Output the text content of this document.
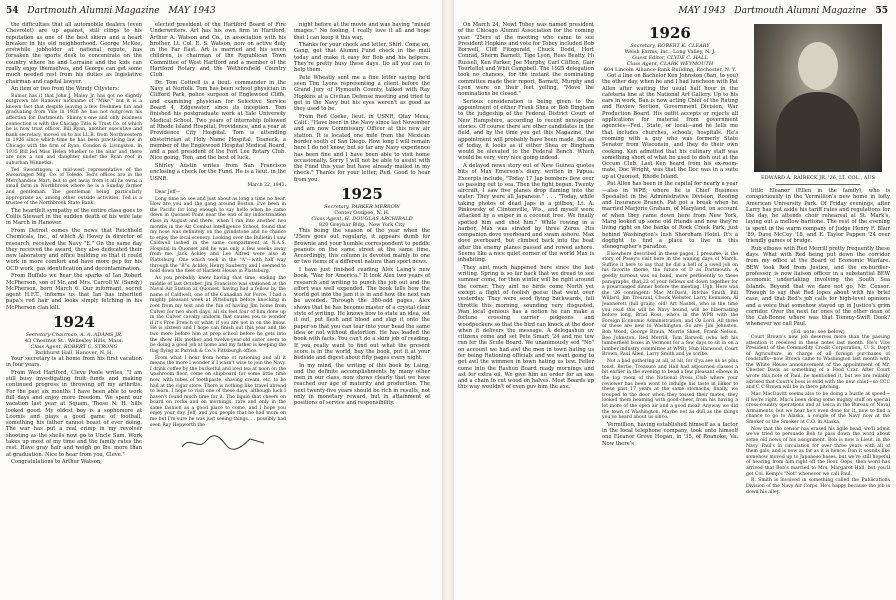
54 Dartmouth Alumni Magazine MAY 1943

the difficulties that all automobile dealers (even Chevrolet) are up against, still clings to his reputation as one of the best skiers and a heart breaker in his old neighborhood. George McKee, erstwhile jobholder at national repute, has forsaken the sports desk to concentrate on the country where he and Lorraine and the kids can really enjoy themselves, and George can get some much needed rest from his duties as legislative chairman and capital lawyer.

An item or two from the Windy Citysters:

Rumor has it that John J. Maley Jr. has got no slightly outgrown his Hanover nickname of "Mike," but it is a known fact that despite leaving a few freshmen fun and graduating from Yale in 1926 he has not outgrown his affection for Dartmouth. Skinny's one and only business connection is with the Chicago Title & Trust Co. of which he is now trust officer. Bill Ryan, another executive and bank secretary, moved on to his LL.B. from Northwestern in 1926 since which time he has been practicing law in Chicago with the firm of Ryan, Condon & Livingston. In 1935 Bill led Miss Helen Mueller to the altar and there are now a son and daughter under the Ryan roof in suburban Winnetka.

Ted Swearingen, a mid-west representative of the Swearingen Mfg. Co. of Toledo. Ted's offices are in the Merchandise Mart, but to get away from it all he owns a small farm in Northbrook where he is a Sunday farmer and gentleman. The gentleman being particularly appropriate as, among other outside activities, Ted is a trustee of the Northbrook State Bank.

The heartfelt sympathy of the entire class goes to Collis Stewart in the sudden death of his wife late in March in Hanover.

From Detroit comes the news that Reichhold Chemicals, Inc., of which Al Hovey is director of research, received the Navy "E." On the same day they received the award, they also dedicated their new laboratory and office building so that it could work in more comfort and have more pep for his OCD work, gas identification and decontamination.

From Buffalo we hear the sparks of Ian Robert McPherson, son of Mr. and Mrs. Carroll W. (Sandy) McPherson, born March 6. Our informant, secret agent H.F.T., informs us that Ian has inherited papa's red hair and looks simply fetching in his McPherson clan kilt.

1924

Secretary-Chairman, A. A. ADAMS JR.

43 Chestnut St., Wellesley Hills, Mass.

Class Agent, ROBERT C. STRONG

Parkhurst Hall, Hanover, N. H.

Your secretary is at home from his first vacation in four years.

From West Hartford, Cleve Poole writes, "I am still busy investigating fruit funds and making continued progress in throwing off my arthritis. For the past six months I have been able to work full days and enjoy more freedom. We spent our vacation last year at Squam. Those N. H. hills looked good. My oldest boy is a sophomore at Loomis and plays a good game of football, something his father cannot boast of ever doing. The war has put a real crimp in my revolver shooting as the shells now go to Uncle Sam. Work takes up most of my time and the family rates the rest. Have gray hair and weigh go lbs. more than at graduation. Nice to hear from you, Cleve."

Congratulations to Arthur Watson,

elected president of the Hartford Board of Fire Underwriters. Art has his own firm in Hartford, Arthur A. Watson and Co., in association with his brother, Lt. Col. E. S. Watson, now on active duty in the Far East. Art is married and his seven children, is chairman of the Republican Town Committee of West Hartford and a member of the Hartford Rotary and the Wethersfield Country Club.

Dr. Tom Cottrell is a lieut. commander in the Navy at Norfolk. Tom has been school physician in Clifford Park, police surgeon of Englewood Cliffs, and examining physician for Selective Service Board 4, Edgewater, since its inception. Tom finished his postgraduate work at Yale University Medical School. Two years of internship followed at Rhode Island Hospital, Providence, and a year at Providence City Hospital. Tom is attending obstetrician at Holy Name Hospital, Teaneck, a member of the Englewood Hospital Medical Board, and a past president of the Fort Lee Rotary Club. Nice going, Tom, and the best of luck.

Shirley Austin writes from San Francisco enclosing a check for the Fund. He is a lieut. in the USNR.

March 22, 1943.

Dear Jeff—

Long time no see and just about as long a time no hear. How are you and the gang around Boston. I've been in the Pacific for long enough to say hello when he came down in Quonset Point near the end of my indoctrination class in August and there, when I ran into another two months in the Air Combat Intelligence School, found that my nose was definitely on the grindstone and no chance to enjoy the local scenery. Looking over the Bulletin I saw Caldwell lashed in the same compartment at N.A.S. Hospital in Quonset and he was only a few weeks away from me. Jack Ackley and Lee Alfred were also in Plattsburg. One which took in the "A"—with half way through the "B"s. Ackley, Henry Sauberry and I seemed to hold down the fleet of Harnett House in Plattsburg.

As you probably know having that time, ending the middle of last October, Jim Francisco was stationed at the Naval Air Station at Quonset, having had a fellow by the name of Caldwell, one of the Canadian Air Force. I had a mighty pleasant week at Pittsburgh before knocking in root from my test and the fun of having Jim home from Culver for two short days, all six feet four of him done up in the Culver cavalry uniform that causes you to wonder if it's Free French or what, if you are not in on the know. He is sixteen and I hope can finish out this year and the two more before him at prep school before he gets into the show. His mother and twelve-year-old sister seem to be doing a good job at home and my father is keeping the flag flying at Parrish & Co.'s Pittsburgh office.

From what I hear from home of rationing and all it means the more I wonder if I wasn't wise to join the Navy. I drink coffee by the bucketful and iced tea at noon on the washroom floor, come on shipboard for some little time now, with tubes of toothpaste, shaving cream, etc. to be had at the cigar store. There is nothing like travel abroad to learn. I hope to visit one of these days, although luck I haven't found much time for it. The liquid that cheers on board on rocks and on mornings, rare and only in the same fashion as a good place to come, and I hope you enjoy your day, Jeff, and you people that be had more on me but I'm sure he was just seeing things. . . possibly had seen Ray Hepworth the

night before at the movie and was having "mixed images." No fooling, I really love it all and hope that I can keep it this way.

Thanks for your check and letter, Shirl. Come on, Gang, get that Alumni Fund check in the mail today and make it easy for Bob and his helpers. They're pretty busy these days. Do all you can to help them.

Pete Wheatly sent me a fine letter saying he'd seen Tim Lyons representing a client before the Grand Jury of Plymouth County, talked with Ray Hopkins at a Civilian Defense meeting and tried to get in the Navy but his eyes weren't as good as they used to be.

From Red Coeke, lieut. in USNR, Otay Mesa, Calif.: "Have been in the Navy since last November and am now Commissary Officer at this new air station. It is located one mile from the Mexican border south of San Diego. How long I will remain here I do not know, but so far any Navy experience has been fine and I have been able to visit home occasionally. Sorry I will not be able to assist with the Fund this year but have already mailed in my check." Thanks for your letter, Red. Good to hear from you.

1925

Secretary, PARKER MERROW

Center Ossipee, N. H.

Class Agent, H. DOUGLAS ARCHIBALD

820 Greybar Bldg., New York City

This being the season of the year when the '25ers goes out regularly, it appears dumb for Brownie and your humble correspondent to peddle peanuts on the same street at the same time. Accordingly, this column is devoted mainly to one or two items of a different nature than sport news.

I have just finished reading Alex Laing's new book, "War for America." It took Alex two years of research and writing to punch the job out and the effort was well expended. The book tells how the world got into the jam it is in and how the next can be avoided. Through the 380-odd pages, Alex shows that he has become master of a crystal clear style of writing. He knows how to state an idea, set it out, put flesh and blood and slap it onto the paper so that you can tear into your head the same idea or not without distortion. He has loaded the book with facts. You can't do a skim job of reading. If you really want to find out what the present score is in the world, buy the book, put it at your bedside and digest about fifty pages every night.

In my mind, the writing of this book by Laing, and the definite accomplishments by many other men in our class, now shows clearly that we have reached our age of maturity and production. The next twenty-five years should be rich in results, not only in monetary reward, but in attainment of positions of service and responsibility.

MAY 1943 Dartmouth Alumni Magazine 55

On March 24, Newt Tobey was named president of the Chicago Alumni Association for the coming year. '25ers at the meeting who came to see President Hopkins and vote for Tobey included Bob Borwell, Cliff Fitzgerald, Chuck Dodd, Hort Conrad, Sherm Barnett, Tige Lyon, Ross Beatty, Hi Russell, Ken Parker, Joe Murphy, Carl Clifton, Gair Tourtellot and Whit Campbell. The 1925 delegation took no chances, for the instant the nominating committee made their report, Barnett, Murphy and Lyon were on their feet yelling, "Move the nominations be closed."

Serious consideration is being given to the appointment of either Frank Shea or Bob Bingham to the judgeship of the Federal District Court of New Hampshire, according to recent newspaper stories. Of course there are other candidates in the field, and by the time you get this Magazine, the appointment will probably have been made. But as of today, it looks as if either Shea or Bingham would be elevated to the Federal Bench. Which would be very, very nice going indeed.

A delayed news story out of New Guinea quotes bits of Max Emerson's diary, written in Papua. Excerpts include, "Today 17 Jap bombers flew over us passing out to sea. Then the fight began. Twenty aircraft, I saw five planes drop flaming into the water. They were all Japanese." . . . "Today, while taking photos of dead Japs in a pillbox, Lt. A. Pinkowsky of Clintonville, Wis., and myself were attacked by a sniper in a coconut tree. We finally spotted him and shot him." While rowing in a harbor, Max was strafed by three Zeros. His companion dove overboard and swam ashore. Max dove overboard, but climbed back into the boat after the enemy planes passed and rowed ashore. Seems like a nice quiet corner of the world Max is inhabiting.

They aint much happened here since the last writing. Spring is so far back that we dread to see summer come, for then winter will be right around the corner. They aint no birds come North yet except a flight of foolish geese that went over yesterday. They were seed flying backwards, full throttle this morning, sounding very disgusted. Wan local genious has a notion he can make a fortune crossing carrier pidgeons and woodpeckers so that the bird can knock at the door when it delivers the message. A delegashun uv citizens come and set Pete Smart '24 and me tew run fer the Scule Board. We unanimously sed "No" on account we had awl the men in town hating us fer being Rationing officials and we want going to get awl the wimmen in town hating us tew. Feller come into the Rashun Board ready mornings and ast fer extra oil. We give him an order for an axe and a chain to cut wood on halves. Most Boards up this way wouldn't of even guv him the axe.

1926

Secretary, ROBERT K. CLEARY

Welsh Farms, Inc., Long Valley, N. J.

Guest Editor, CLYDE C. HALL

Class Agent, CLARK WEYMOUTH

604 Lincoln Alliance Bank Building, Rochester, N. Y.

Got a line on Bachelor Ken Johnston (Ban, to you) the other day, when he and I had luncheon with Pat Allen after waiting the usual half hour in the cafeteria line at the National Art Gallery. Up to his ears in work, Ban is now acting Chief of the Rating and Review Section, Government Division, War Production Board. His outfit accepts or rejects all applications for material from government agencies—Fed., State, or local—and he tells me that includes churches, schools, hospitals. He's rooming with a guy who was formerly State Senator from Wisconsin, and they do their own cooking. Ken admitted that his culinary staff was something short of what he used to dish out at the Occum Club. Last Ken heard from his ex-room-mate, Doc Wright, was that the Doc was in a suite up at Quonset, Rhode Island.

Pat Allen has been in the capital for nearly a year—also in WPB, where he is Chief Business Specialist in the Administrative Division, Roofing and Insurance Branch. Pat got a break when he married Marjorie Graham, of Maryland, on account of when they came down here from New York, Marg looked up some old friends and now they're living right on the banks of Rock Creek Park, just behind Washington's lush Shoreham Hotel. It's a dogfight to find a place to live in this stenographer's paradise.

Elsewhere described in these pages, I presume, is the story of Posey's visit here in the waning days of March. Suffice it here to say that he did a hell of a swell job on his favorite theme, the future of D as Dartmouth. A goodly turnout was on hand, more pertinently to these paragraphs, that 22 of your fellows sat down together for a prearranged dinner before the meeting. Ugh, Here was the '26 contingent: Mac McDavit, Ritchie Smith, Bill Willard, Jim Treuraul, Chuck Webster, Larry Kennison, Al Jeannerett (full grain), old! Art Nashel, who in the time you read this will be Navy bound, will be hibernating before long, Brad Ross, who's in the WPB with the Foreign Economic Administration, and Oz Lord. All three of these are new to Washington. So are: Jim Johnston, Bob Wood, George Braun, Morrie Skeet, Frank Nelson, Bee Johnston, Red Merrill, Tom Barwell (who left his lumberfield boxes in Vermont for a few days to sit in on a lumber industry committee at WPB), Hub Harwood, Court Brown, Paul Allen, Larry Smith and ye scribe.

Not a bad gathering at all, at all, for d'ya see us as plus tonst. Bertie, Treasure and Hall had adjourned classes a bit earlier in the evening to bend a few pleasant elbows in the top room of the National Press Club where your reviewer has been wont to indulge his taste in likker to these past 17 years at the same stomachs, finally, we trooped to the door when they tossed their mates, they looked them beaming with good-cheer, from his having a lot more of the open air and a good meal! Anyway we did the town of Washington. Maybe not as dull as the things you've heard about us since.

Vermillion, having established himself as a factor in the local telephone company, took unto himself one Eleanor Grove Hogan, in '35, of Roanoke, Va. Now there's

EDWARD A. RAIBECK JR. '26, LT. COL., AUS

little Eleanor (Ellen in the family), who is conspicuously in the Vermillion's new home in lofty American University Park. Of Friday evenings, after Larry has put aside his tariff rates and regulations for the day, he attends choir rehearsal at St. Mark's, laying out a mellow baritone. The rest of the evening is spent in the warm company of Judge Henry F. Blair '89, Dave McCoy '18, and E. Taylor Pappen '24 over friendly games of bridge.

Rub elbows with Red Merrill pretty frequently these days. What with Red being put down the corridor from my office at the Board of Economic Warfare. BEW took Red from Justice, and the ex-hurdler-professor, is now liaison officer in a substantial BEW economic undertaking involving the South Sea Islands. Beyond that we dare not go, Mr. Censor. Enough to say that Red lopes about with his brief case, and that Red's job calls for high-level opinions and a voice that somehow stayed up in Justice's grim corridor. Over the next far ones of the other dean of the Cat-Bonne where was that Tommy-Swift Dook? whenever we call Paul.

(Ed. note: see below)

Court Brown's new job deserves more than the passing attention it received in these notes last month. He's Vice President of the Commodity Credit Corporation, U. S. Dep't of Agriculture, in charge of all foreign purchases of foodstuffs—now Brown came to Washington last month with the White House announcement of the appointment of Mr. Chester Davis as something of a Food Czar. After Court wrote this note of Paul, he mentioned it, but we are reliably advised that Court's boss is solid with the new chief—so CCC and C C Brown will be in there pitching.

Mac MacDavitt seems also to be doing a bustle at speed—if we're right. Mac's been doing some mighty stuff on special cross-country operations and at Leica in the Bureau of Naval Armaments, but we hear he's even done for it, now to find a chance to go to Alaska, a couple of the Navy now at the Smoker or the Smoker at C.O. in Alaska.

Now that the censor has erased his agile head, we'll admit we've tried to persuade Bob to pass down the word about some old news of his assignment. Bob is now a Lieut. in the Navy. Paul's in circulation for over three years with all of them gals, and is now as far as it is hence. Dan it sounds like somehow moved up to Japanese bases, but we're still hopeful of hearing from him right off the floor. Oops, then word has arrived that Bob's married to Mrs. Margaret Hall, but you'll get Col. Kemp's "Not" whenever we call Paul.

R. Smith is involved in something called the Publications Division of the Navy Air Corps. He's happy because the job is down his alley.
